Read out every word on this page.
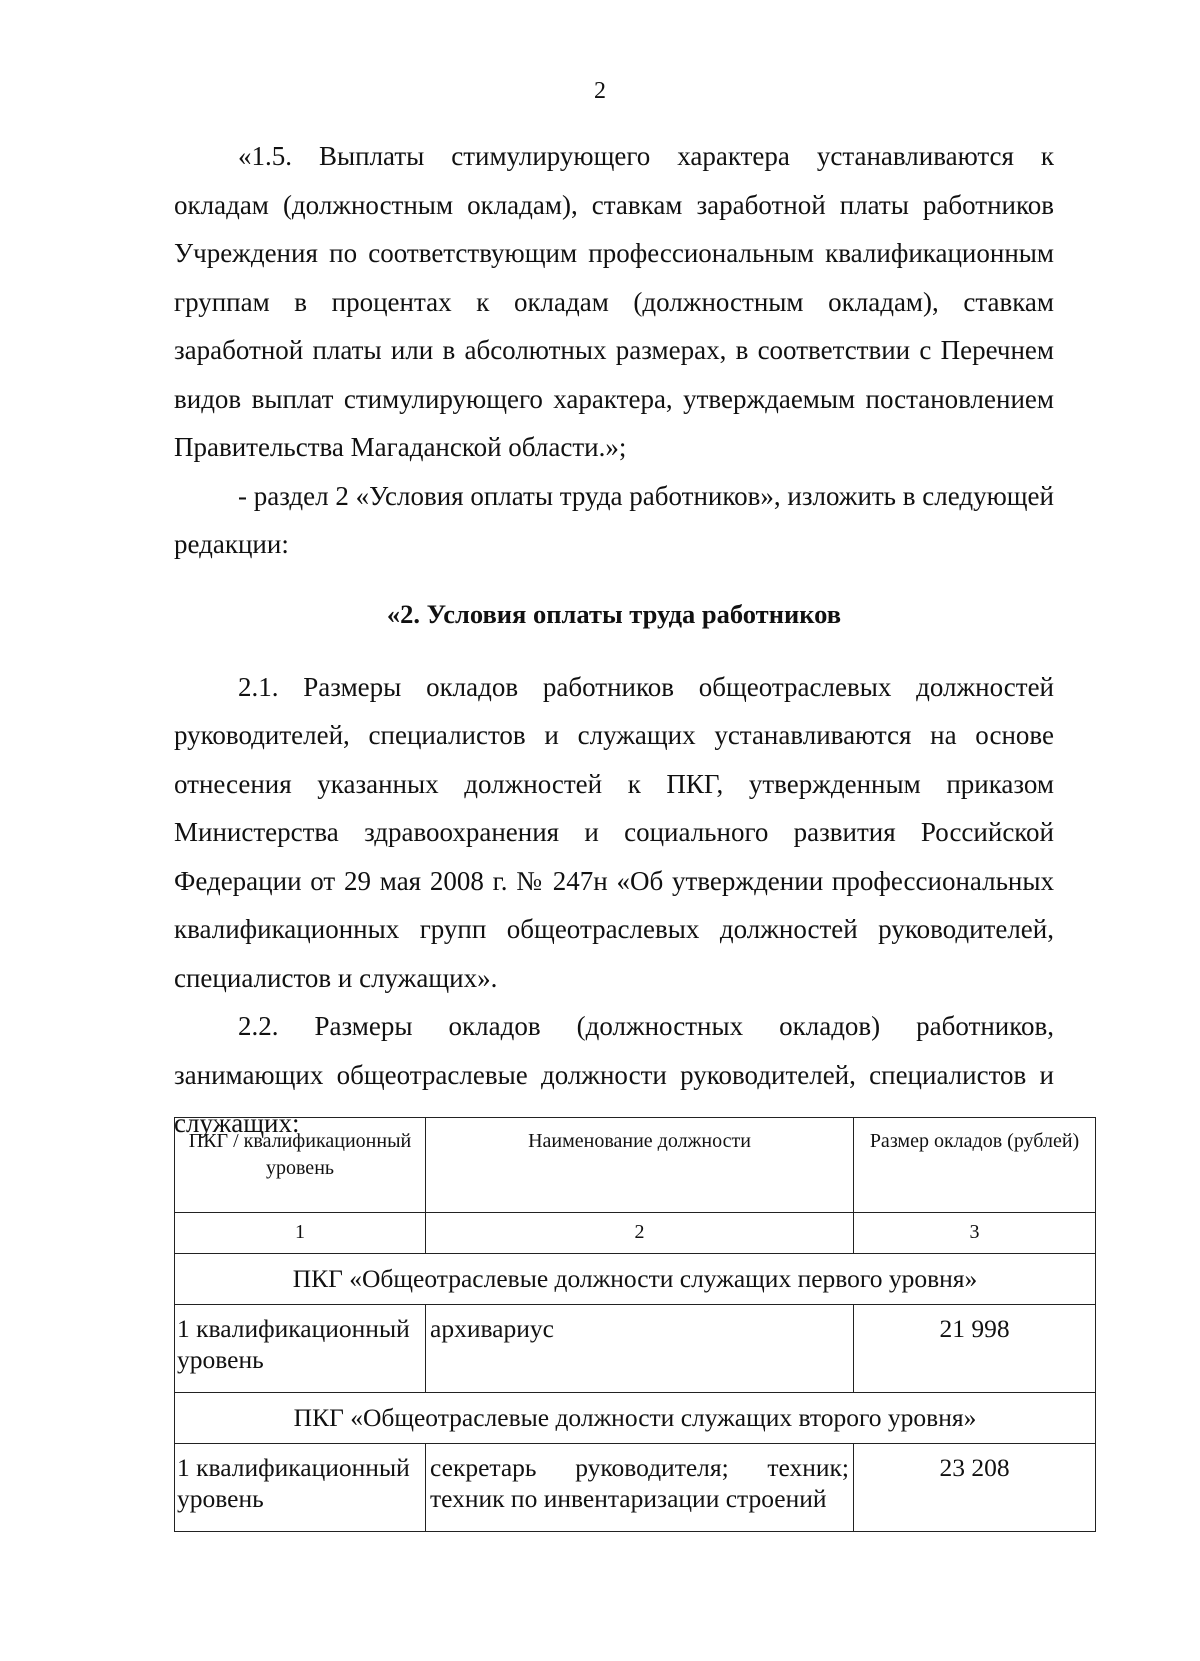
2

«1.5. Выплаты стимулирующего характера устанавливаются к окладам (должностным окладам), ставкам заработной платы работников Учреждения по соответствующим профессиональным квалификационным группам в процентах к окладам (должностным окладам), ставкам заработной платы или в абсолютных размерах, в соответствии с Перечнем видов выплат стимулирующего характера, утверждаемым постановлением Правительства Магаданской области.»;

- раздел 2 «Условия оплаты труда работников», изложить в следующей редакции:

«2. Условия оплаты труда работников

2.1. Размеры окладов работников общеотраслевых должностей руководителей, специалистов и служащих устанавливаются на основе отнесения указанных должностей к ПКГ, утвержденным приказом Министерства здравоохранения и социального развития Российской Федерации от 29 мая 2008 г. № 247н «Об утверждении профессиональных квалификационных групп общеотраслевых должностей руководителей, специалистов и служащих».

2.2. Размеры окладов (должностных окладов) работников, занимающих общеотраслевые должности руководителей, специалистов и служащих:

ПКГ / квалификационный уровень	Наименование должности	Размер окладов (рублей)
1	2	3
ПКГ «Общеотраслевые должности служащих первого уровня»		
1 квалификационный уровень	архивариус	21 998
ПКГ «Общеотраслевые должности служащих второго уровня»		
1 квалификационный уровень	секретарь руководителя; техник; техник по инвентаризации строений	23 208
